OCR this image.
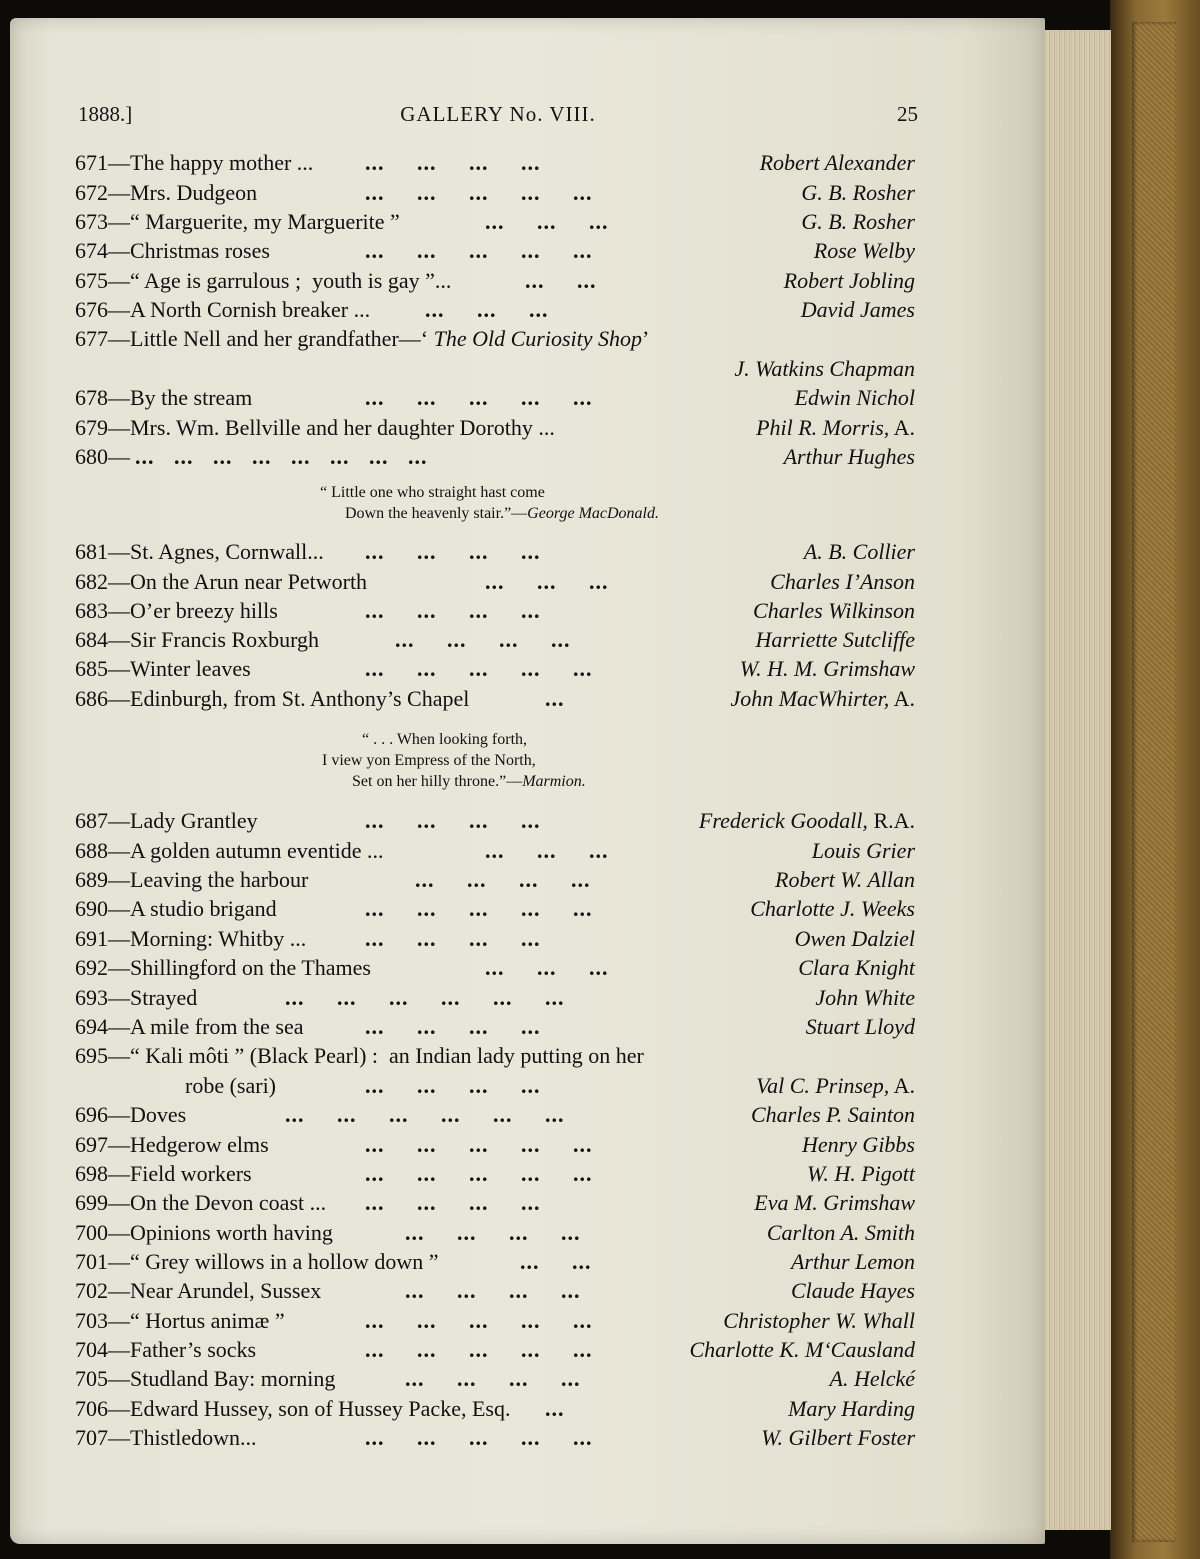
1888.]	GALLERY No. VIII.	25
671—The happy mother ... ...     ...     ...     ...	Robert Alexander
672—Mrs. Dudgeon	...     ...     ...     ...     ...	G. B. Rosher
673—“ Marguerite, my Marguerite ”	...     ...     ...	G. B. Rosher
674—Christmas roses	...     ...     ...     ...     ...	Rose Welby
675—“ Age is garrulous ;  youth is gay ”...	...     ...	Robert Jobling
676—A North Cornish breaker ... ...     ...     ...	David James
677—Little Nell and her grandfather—‘ The Old Curiosity Shop’
J. Watkins Chapman
678—By the stream	...     ...     ...     ...     ...	Edwin Nichol
679—Mrs. Wm. Bellville and her daughter Dorothy ...	Phil R. Morris, A.
680— ...   ...   ...   ...   ...   ...   ...   ...	Arthur Hughes
681—St. Agnes, Cornwall... ...     ...     ...     ...	A. B. Collier
682—On the Arun near Petworth	...     ...     ...	Charles I’Anson
683—O’er breezy hills	...     ...     ...     ...	Charles Wilkinson
684—Sir Francis Roxburgh	...     ...     ...     ...	Harriette Sutcliffe
685—Winter leaves	...     ...     ...     ...     ...	W. H. M. Grimshaw
686—Edinburgh, from St. Anthony’s Chapel	...	John MacWhirter, A.
687—Lady Grantley	...     ...     ...     ...	Frederick Goodall, R.A.
688—A golden autumn eventide ...	...     ...     ...	Louis Grier
689—Leaving the harbour	...     ...     ...     ...	Robert W. Allan
690—A studio brigand	...     ...     ...     ...     ...	Charlotte J. Weeks
691—Morning: Whitby ...	...     ...     ...     ...	Owen Dalziel
692—Shillingford on the Thames	...     ...     ...	Clara Knight
693—Strayed	...     ...     ...     ...     ...     ...	John White
694—A mile from the sea	...     ...     ...     ...	Stuart Lloyd
695—“ Kali môti ” (Black Pearl) :  an Indian lady putting on her
robe (sari)	...     ...     ...     ...	Val C. Prinsep, A.
696—Doves	...     ...     ...     ...     ...     ...	Charles P. Sainton
697—Hedgerow elms	...     ...     ...     ...     ...	Henry Gibbs
698—Field workers	...     ...     ...     ...     ...	W. H. Pigott
699—On the Devon coast ... ...     ...     ...     ...	Eva M. Grimshaw
700—Opinions worth having	...     ...     ...     ...	Carlton A. Smith
701—“ Grey willows in a hollow down ”	...     ...	Arthur Lemon
702—Near Arundel, Sussex	...     ...     ...     ...	Claude Hayes
703—“ Hortus animæ ”	...     ...     ...     ...     ...	Christopher W. Whall
704—Father’s socks	...     ...     ...     ...     ...	Charlotte K. M‘Causland
705—Studland Bay: morning	...     ...     ...     ...	A. Helcké
706—Edward Hussey, son of Hussey Packe, Esq. ...	Mary Harding
707—Thistledown...	...     ...     ...     ...     ...	W. Gilbert Foster
“ Little one who straight hast come
Down the heavenly stair.”—George MacDonald.
“ . . . When looking forth,
I view yon Empress of the North,
Set on her hilly throne.”—Marmion.
